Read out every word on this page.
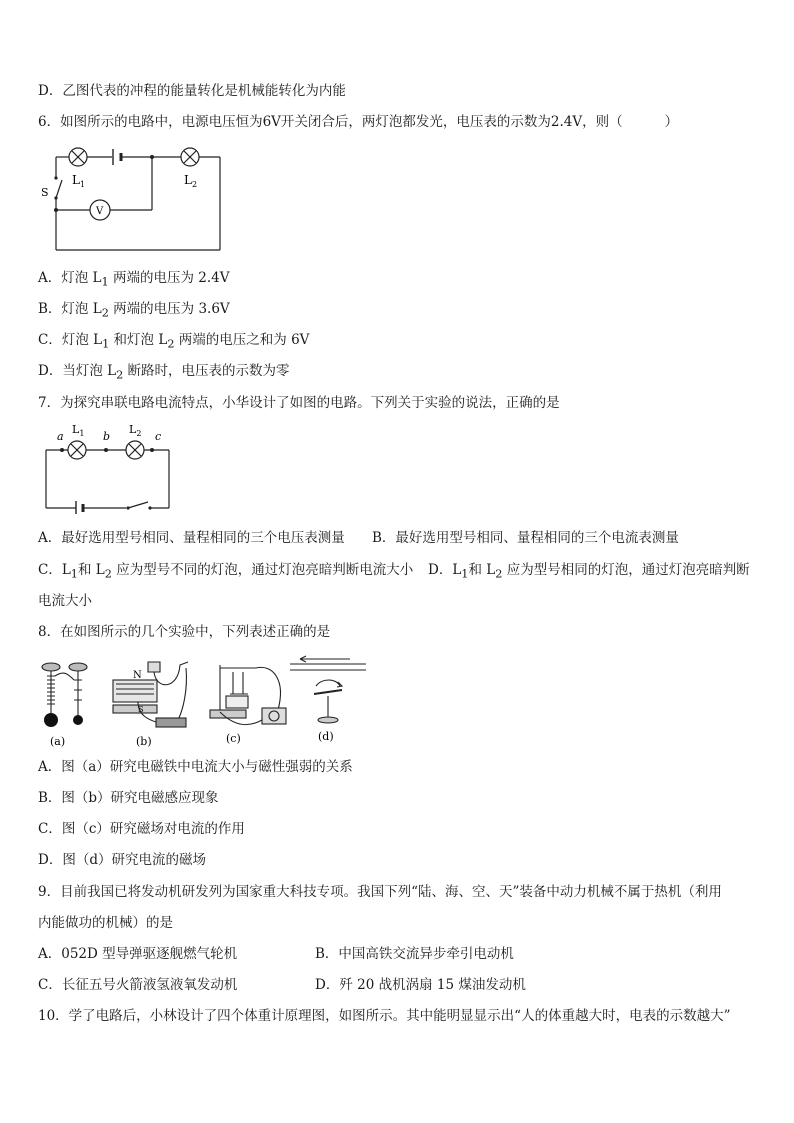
D．乙图代表的冲程的能量转化是机械能转化为内能
6．如图所示的电路中，电源电压恒为6V开关闭合后，两灯泡都发光，电压表的示数为2.4V，则（	）
S
$L_1$	$L_2$
V
A．灯泡 $L_1$ 两端的电压为 2.4V
B．灯泡 $L_2$ 两端的电压为 3.6V
C．灯泡 $L_1$ 和灯泡 $L_2$ 两端的电压之和为 6V
D．当灯泡 $L_2$ 断路时，电压表的示数为零
7．为探究串联电路电流特点，小华设计了如图的电路。下列关于实验的说法，正确的是
a	b	c
$L_1$	$L_2$
A．最好选用型号相同、量程相同的三个电压表测量 B．最好选用型号相同、量程相同的三个电流表测量
C．$L_1$和 $L_2$ 应为型号不同的灯泡，通过灯泡亮暗判断电流大小 D．$L_1$和 $L_2$ 应为型号相同的灯泡，通过灯泡亮暗判断
电流大小
8．在如图所示的几个实验中，下列表述正确的是
N
S
(a)	(b)	(c)	(d)
A．图（a）研究电磁铁中电流大小与磁性强弱的关系
B．图（b）研究电磁感应现象
C．图（c）研究磁场对电流的作用
D．图（d）研究电流的磁场
9．目前我国已将发动机研发列为国家重大科技专项。我国下列“陆、海、空、天”装备中动力机械不属于热机（利用
内能做功的机械）的是
A．052D 型导弹驱逐舰燃气轮机	B．中国高铁交流异步牵引电动机
C．长征五号火箭液氢液氧发动机	D．歼 20 战机涡扇 15 煤油发动机
10．学了电路后，小林设计了四个体重计原理图，如图所示。其中能明显显示出“人的体重越大时，电表的示数越大”
